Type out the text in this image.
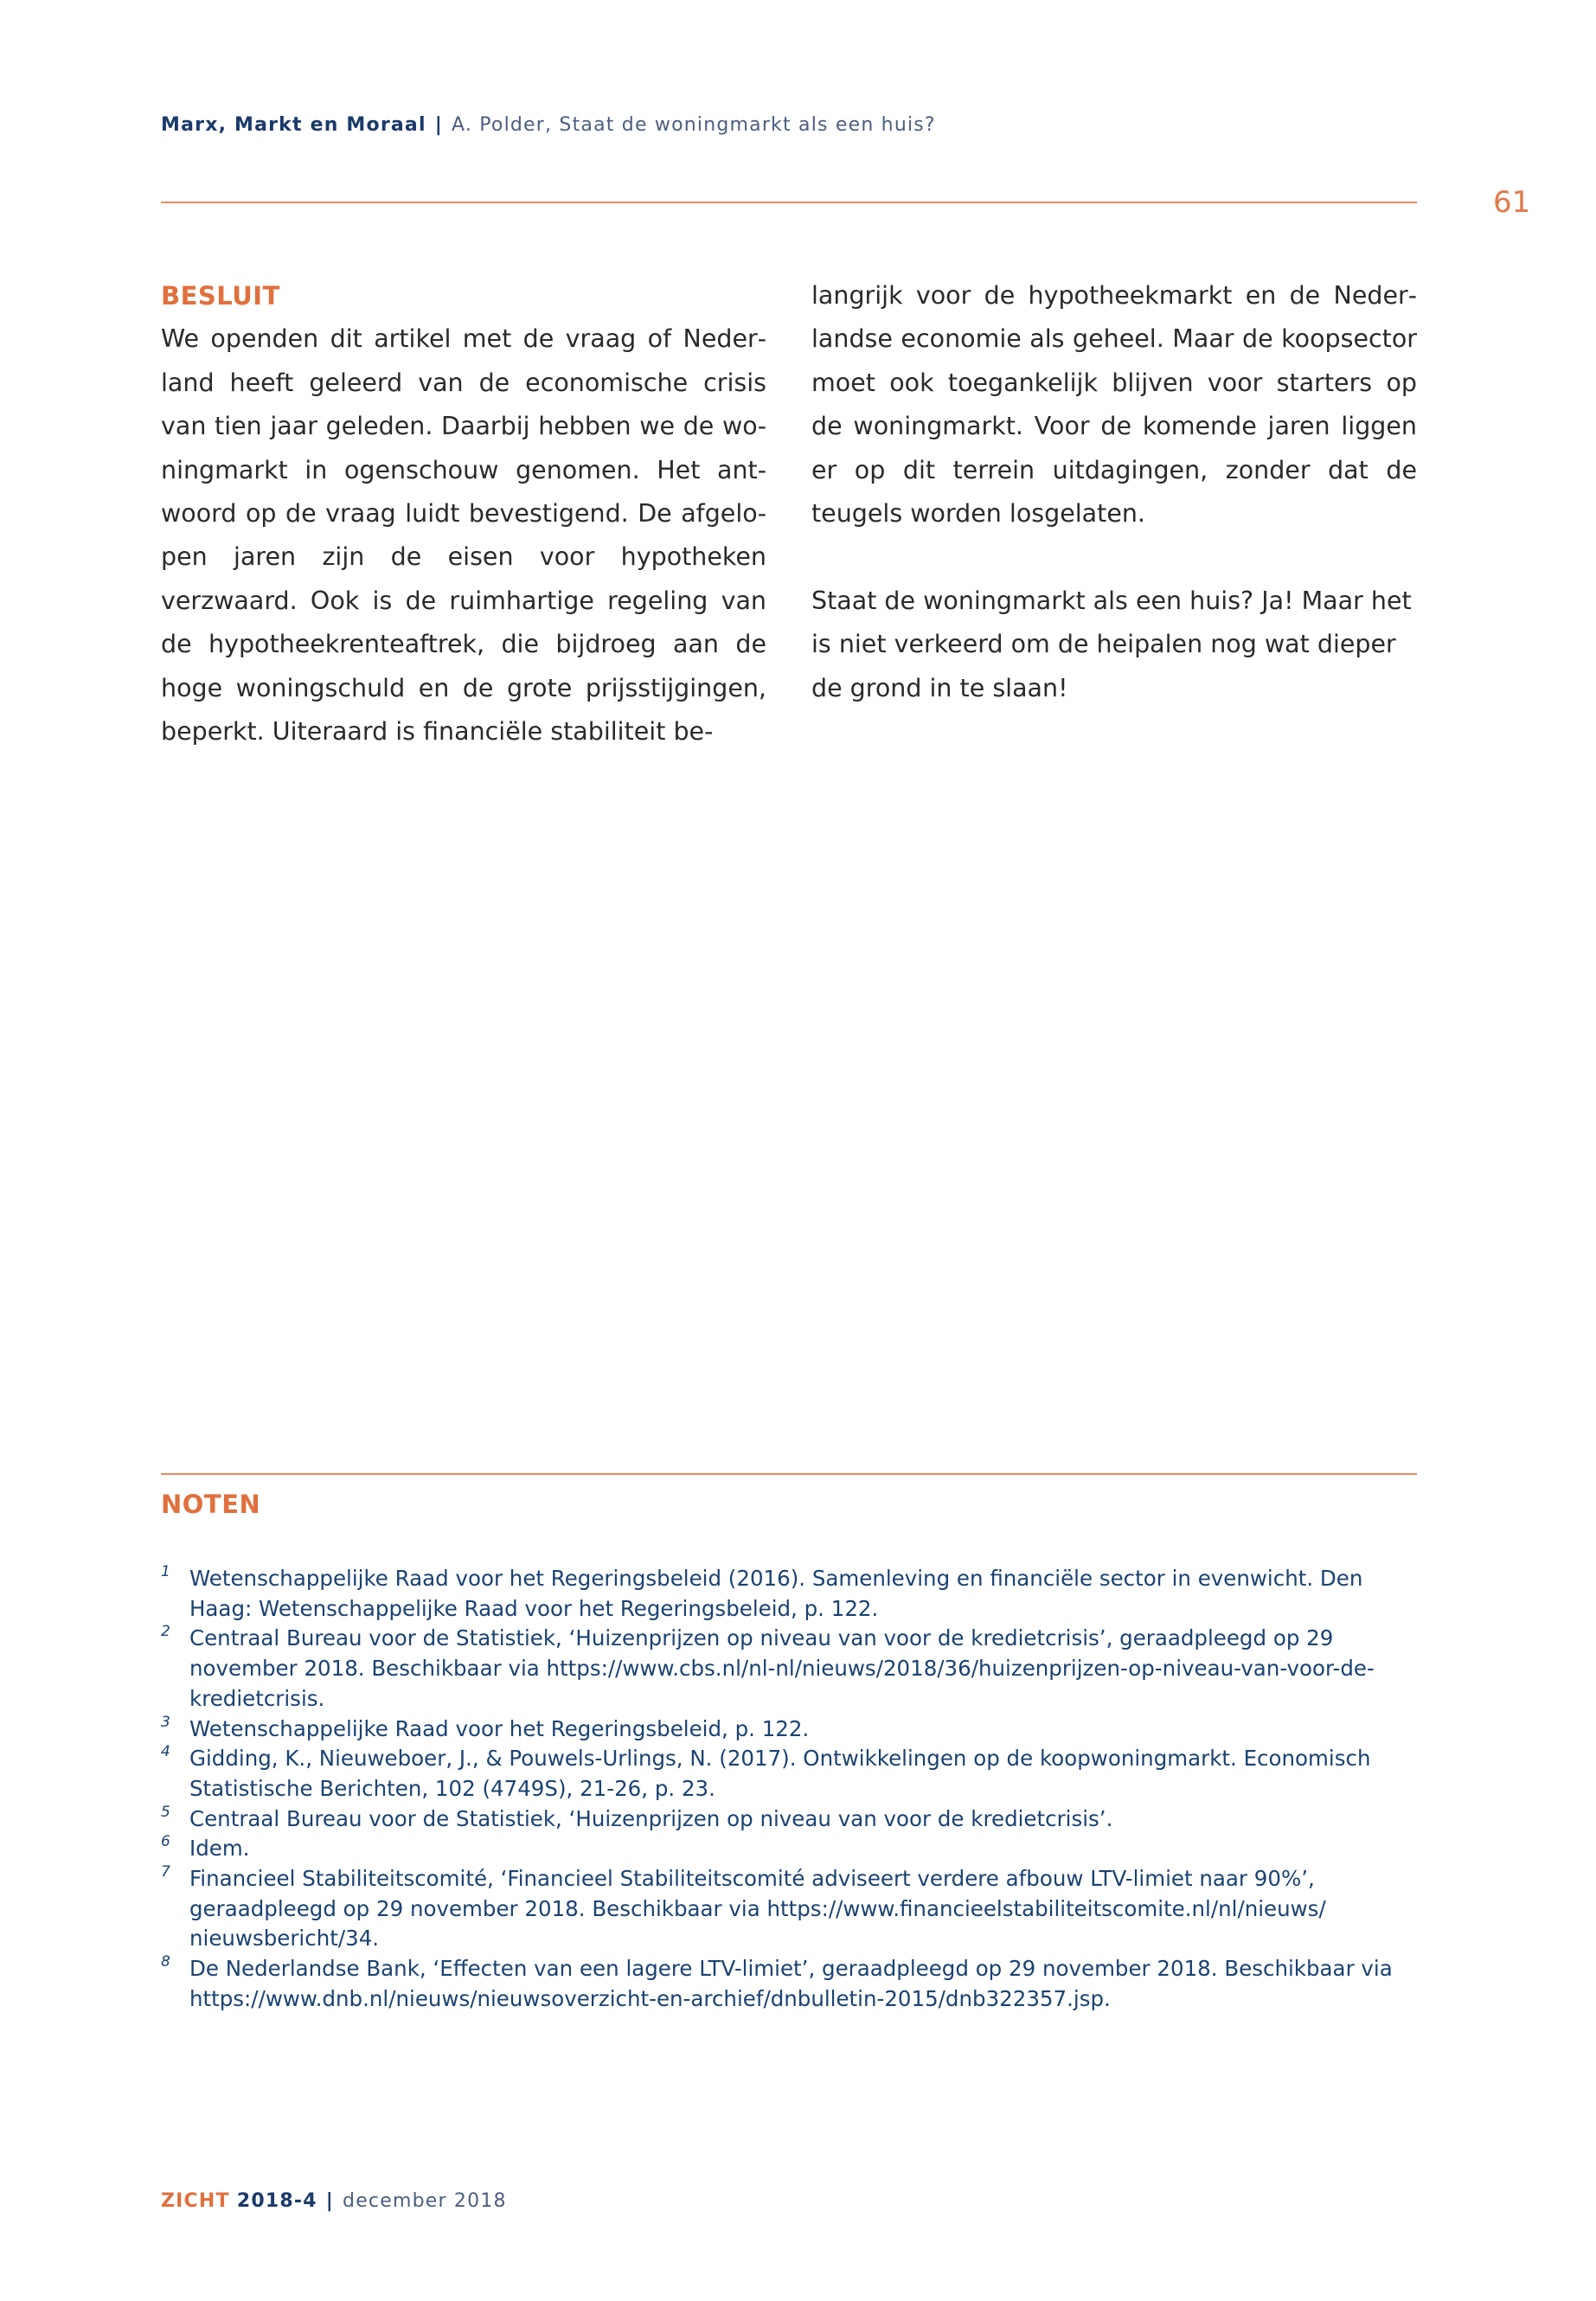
Marx, Markt en Moraal | A. Polder, Staat de woningmarkt als een huis?
61
BESLUIT

We openden dit artikel met de vraag of Nederland heeft geleerd van de economische crisis van tien jaar geleden. Daarbij hebben we de woningmarkt in ogenschouw genomen. Het antwoord op de vraag luidt bevestigend. De afgelopen jaren zijn de eisen voor hypotheken verzwaard. Ook is de ruimhartige regeling van de hypotheekrenteaftrek, die bijdroeg aan de hoge woningschuld en de grote prijsstijgingen, beperkt. Uiteraard is financiële stabiliteit be-

langrijk voor de hypotheekmarkt en de Nederlandse economie als geheel. Maar de koopsector moet ook toegankelijk blijven voor starters op de woningmarkt. Voor de komende jaren liggen er op dit terrein uitdagingen, zonder dat de teugels worden losgelaten.

Staat de woningmarkt als een huis? Ja! Maar het is niet verkeerd om de heipalen nog wat dieper de grond in te slaan!

NOTEN
1 Wetenschappelijke Raad voor het Regeringsbeleid (2016). Samenleving en financiële sector in evenwicht. Den Haag: Wetenschappelijke Raad voor het Regeringsbeleid, p. 122.
2 Centraal Bureau voor de Statistiek, ‘Huizenprijzen op niveau van voor de kredietcrisis’, geraadpleegd op 29 november 2018. Beschikbaar via https://www.cbs.nl/nl-nl/nieuws/2018/36/huizenprijzen-op-niveau-van-voor-​de-kredietcrisis.
3 Wetenschappelijke Raad voor het Regeringsbeleid, p. 122.
4 Gidding, K., Nieuweboer, J., & Pouwels-Urlings, N. (2017). Ontwikkelingen op de koopwoningmarkt. Economisch Statistische Berichten, 102 (4749S), 21-26, p. 23.
5 Centraal Bureau voor de Statistiek, ‘Huizenprijzen op niveau van voor de kredietcrisis’.
6 Idem.
7 Financieel Stabiliteitscomité, ‘Financieel Stabiliteitscomité adviseert verdere afbouw LTV-limiet naar 90%’, geraadpleegd op 29 november 2018. Beschikbaar via https://www.financieelstabiliteitscomite.nl/nl/nieuws/​nieuwsbericht/34.
8 De Nederlandse Bank, ‘Effecten van een lagere LTV-limiet’, geraadpleegd op 29 november 2018. Beschikbaar via https://www.dnb.nl/nieuws/nieuwsoverzicht-en-archief/dnbulletin-2015/dnb322357.jsp.
ZICHT 2018-4 | december 2018
